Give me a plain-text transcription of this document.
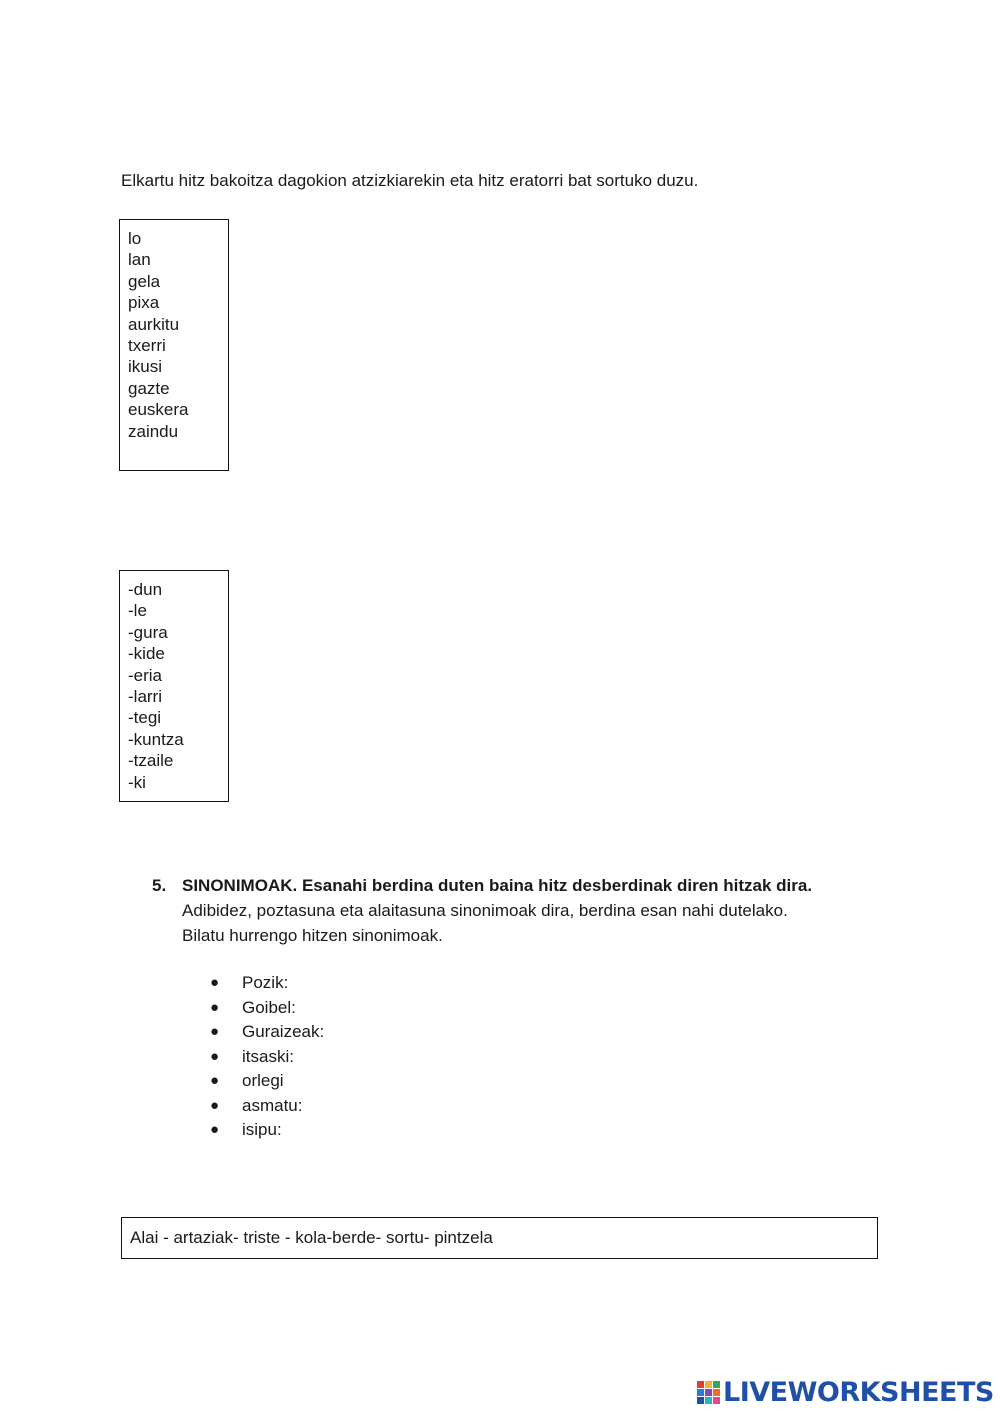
Elkartu hitz bakoitza dagokion atzizkiarekin eta hitz eratorri bat sortuko duzu.
lo
lan
gela
pixa
aurkitu
txerri
ikusi
gazte
euskera
zaindu
-dun
-le
-gura
-kide
-eria
-larri
-tegi
-kuntza
-tzaile
-ki
5. SINONIMOAK. Esanahi berdina duten baina hitz desberdinak diren hitzak dira.
Adibidez, poztasuna eta alaitasuna sinonimoak dira, berdina esan nahi dutelako.
Bilatu hurrengo hitzen sinonimoak.
● Pozik:
● Goibel:
● Guraizeak:
● itsaski:
● orlegi
● asmatu:
● isipu:
Alai - artaziak- triste - kola-berde- sortu- pintzela
LIVEWORKSHEETS
